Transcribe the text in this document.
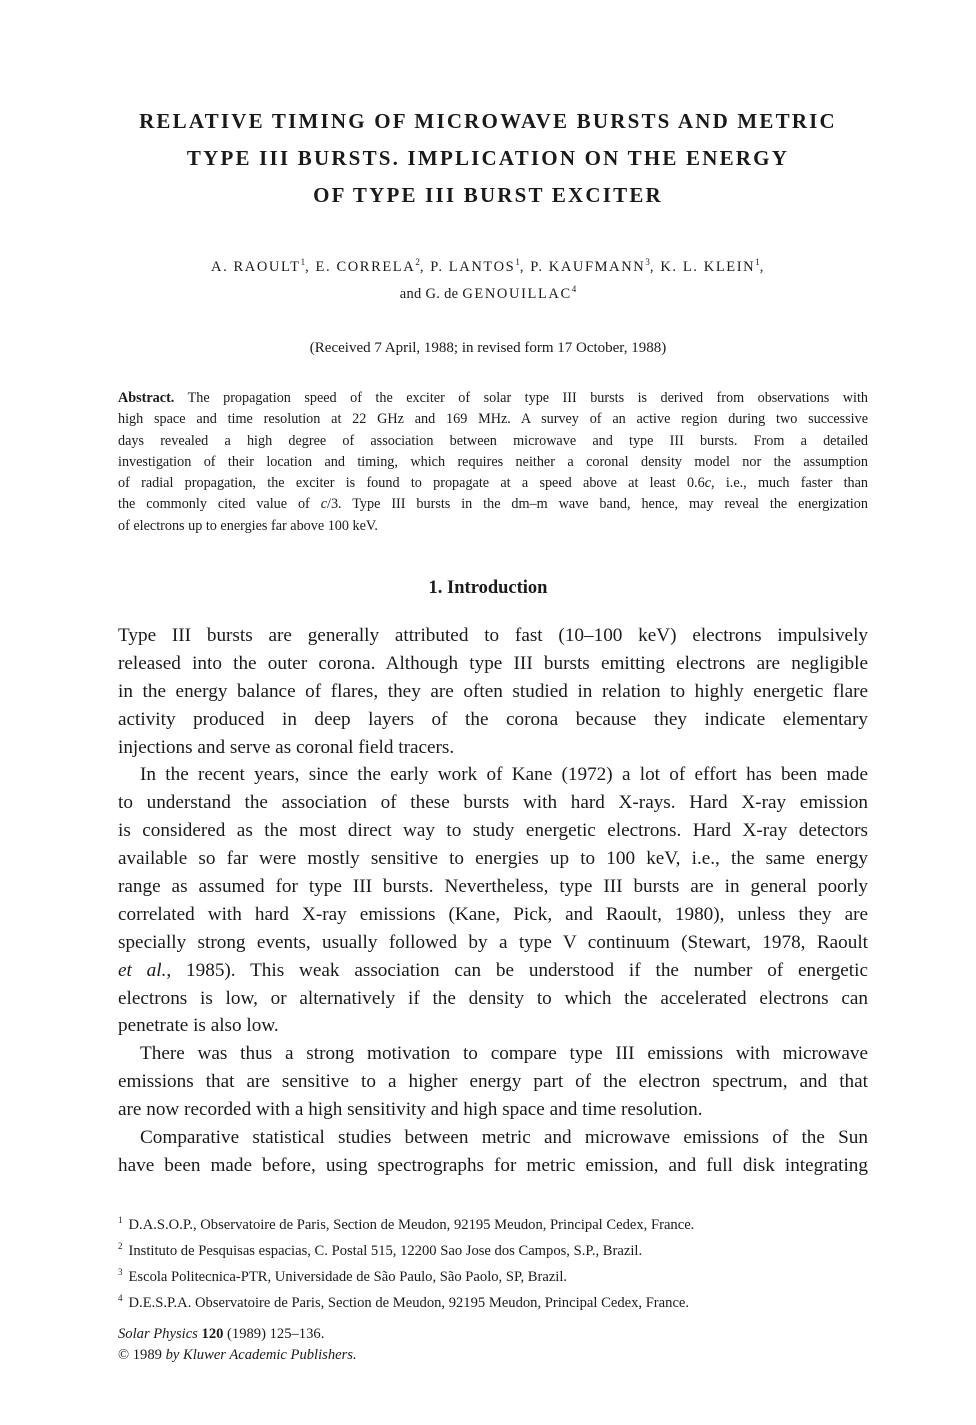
RELATIVE TIMING OF MICROWAVE BURSTS AND METRIC
TYPE III BURSTS. IMPLICATION ON THE ENERGY
OF TYPE III BURST EXCITER
A. RAOULT$^1$, E. CORRELA$^2$, P. LANTOS$^1$, P. KAUFMANN$^3$, K. L. KLEIN$^1$,
and G. de GENOUILLAC$^4$
(Received 7 April, 1988; in revised form 17 October, 1988)
Abstract. The propagation speed of the exciter of solar type III bursts is derived from observations with
high space and time resolution at 22 GHz and 169 MHz. A survey of an active region during two successive
days revealed a high degree of association between microwave and type III bursts. From a detailed
investigation of their location and timing, which requires neither a coronal density model nor the assumption
of radial propagation, the exciter is found to propagate at a speed above at least 0.6c, i.e., much faster than
the commonly cited value of c/3. Type III bursts in the dm–m wave band, hence, may reveal the energization
of electrons up to energies far above 100 keV.
1. Introduction
Type III bursts are generally attributed to fast (10–100 keV) electrons impulsively
released into the outer corona. Although type III bursts emitting electrons are negligible
in the energy balance of flares, they are often studied in relation to highly energetic flare
activity produced in deep layers of the corona because they indicate elementary
injections and serve as coronal field tracers.
In the recent years, since the early work of Kane (1972) a lot of effort has been made
to understand the association of these bursts with hard X-rays. Hard X-ray emission
is considered as the most direct way to study energetic electrons. Hard X-ray detectors
available so far were mostly sensitive to energies up to 100 keV, i.e., the same energy
range as assumed for type III bursts. Nevertheless, type III bursts are in general poorly
correlated with hard X-ray emissions (Kane, Pick, and Raoult, 1980), unless they are
specially strong events, usually followed by a type V continuum (Stewart, 1978, Raoult
et al., 1985). This weak association can be understood if the number of energetic
electrons is low, or alternatively if the density to which the accelerated electrons can
penetrate is also low.
There was thus a strong motivation to compare type III emissions with microwave
emissions that are sensitive to a higher energy part of the electron spectrum, and that
are now recorded with a high sensitivity and high space and time resolution.
Comparative statistical studies between metric and microwave emissions of the Sun
have been made before, using spectrographs for metric emission, and full disk integrating
$^1$ D.A.S.O.P., Observatoire de Paris, Section de Meudon, 92195 Meudon, Principal Cedex, France.
$^2$ Instituto de Pesquisas espacias, C. Postal 515, 12200 Sao Jose dos Campos, S.P., Brazil.
$^3$ Escola Politecnica-PTR, Universidade de São Paulo, São Paolo, SP, Brazil.
$^4$ D.E.S.P.A. Observatoire de Paris, Section de Meudon, 92195 Meudon, Principal Cedex, France.
Solar Physics 120 (1989) 125–136.
© 1989 by Kluwer Academic Publishers.
